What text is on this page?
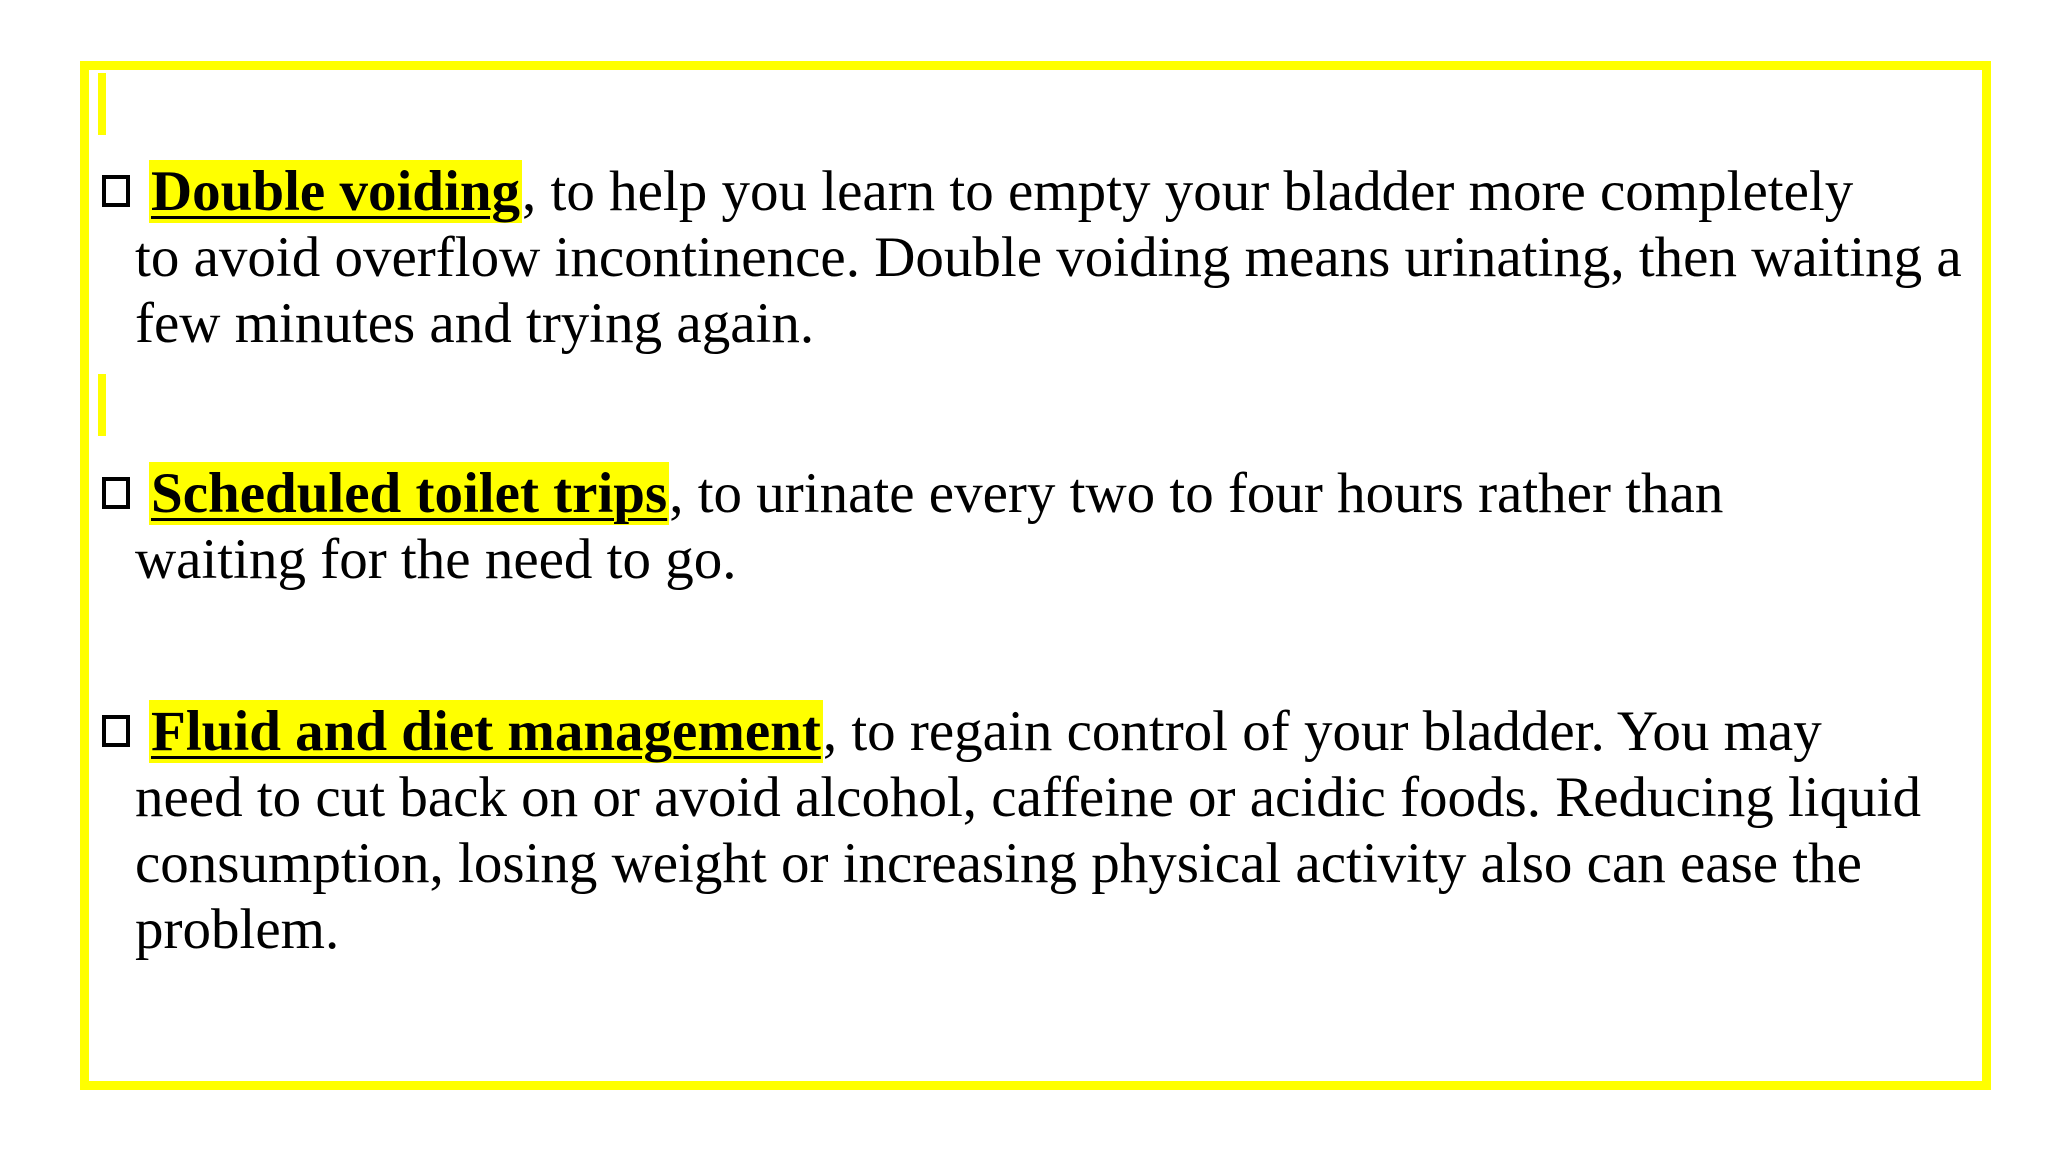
Double voiding, to help you learn to empty your bladder more completely
to avoid overflow incontinence. Double voiding means urinating, then waiting a few minutes and trying again.
Scheduled toilet trips, to urinate every two to four hours rather than
waiting for the need to go.
Fluid and diet management, to regain control of your bladder. You may
need to cut back on or avoid alcohol, caffeine or acidic foods. Reducing liquid consumption, losing weight or increasing physical activity also can ease the problem.
